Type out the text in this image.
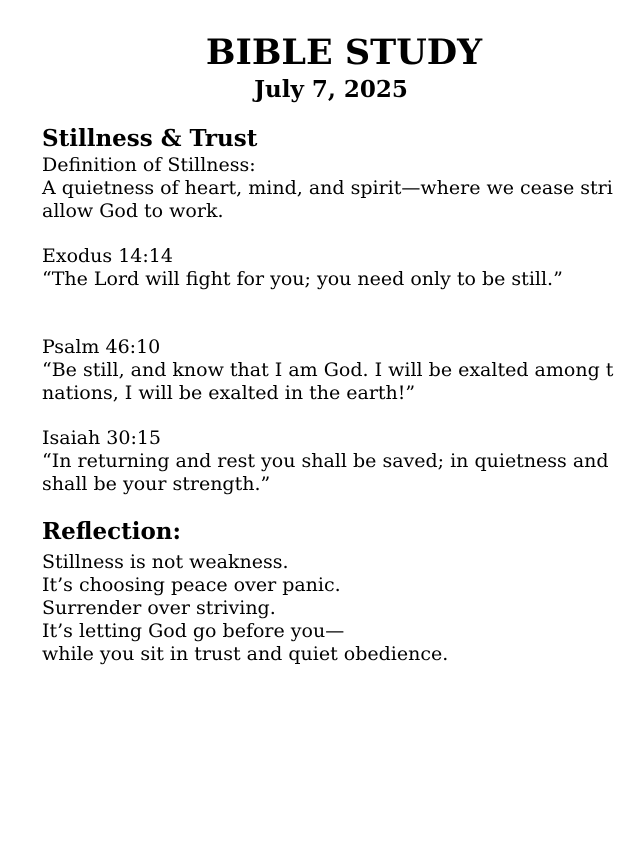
BIBLE STUDY
July 7, 2025
Stillness & Trust
Definition of Stillness:
A quietness of heart, mind, and spirit—where we cease stri
allow God to work.
Exodus 14:14
“The Lord will fight for you; you need only to be still.”
Psalm 46:10
“Be still, and know that I am God. I will be exalted among t
nations, I will be exalted in the earth!”
Isaiah 30:15
“In returning and rest you shall be saved; in quietness and
shall be your strength.”
Reflection:
Stillness is not weakness.
It’s choosing peace over panic.
Surrender over striving.
It’s letting God go before you—
while you sit in trust and quiet obedience.
